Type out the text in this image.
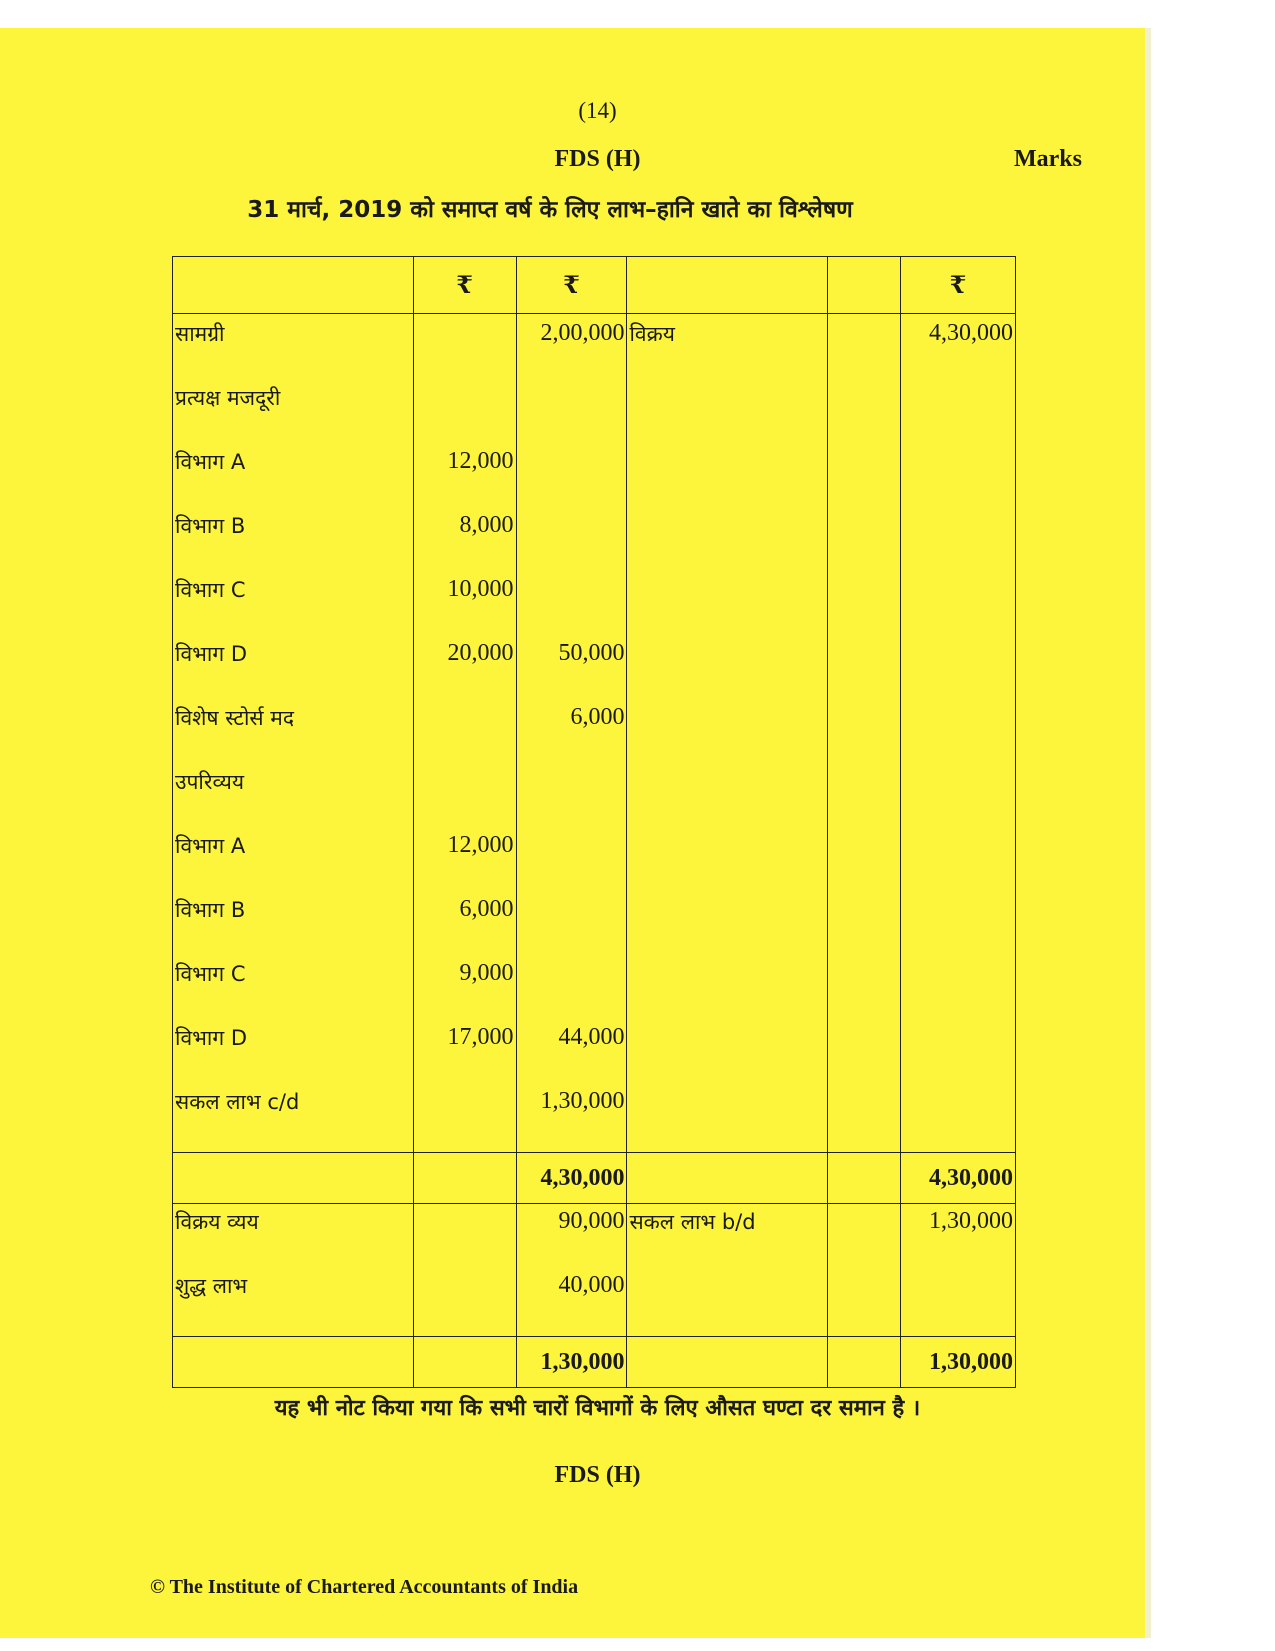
(14)
FDS (H)	Marks
31 मार्च, 2019 को समाप्त वर्ष के लिए लाभ–हानि खाते का विश्लेषण
	₹	₹			₹
सामग्री		2,00,000	विक्रय		4,30,000
प्रत्यक्ष मजदूरी					
विभाग A	12,000				
विभाग B	8,000				
विभाग C	10,000				
विभाग D	20,000	50,000			
विशेष स्टोर्स मद		6,000			
उपरिव्यय					
विभाग A	12,000				
विभाग B	6,000				
विभाग C	9,000				
विभाग D	17,000	44,000			
सकल लाभ c/d		1,30,000			
		4,30,000			4,30,000
विक्रय व्यय		90,000	सकल लाभ b/d		1,30,000
शुद्ध लाभ		40,000			
		1,30,000			1,30,000
यह भी नोट किया गया कि सभी चारों विभागों के लिए औसत घण्टा दर समान है ।
FDS (H)
© The Institute of Chartered Accountants of India
